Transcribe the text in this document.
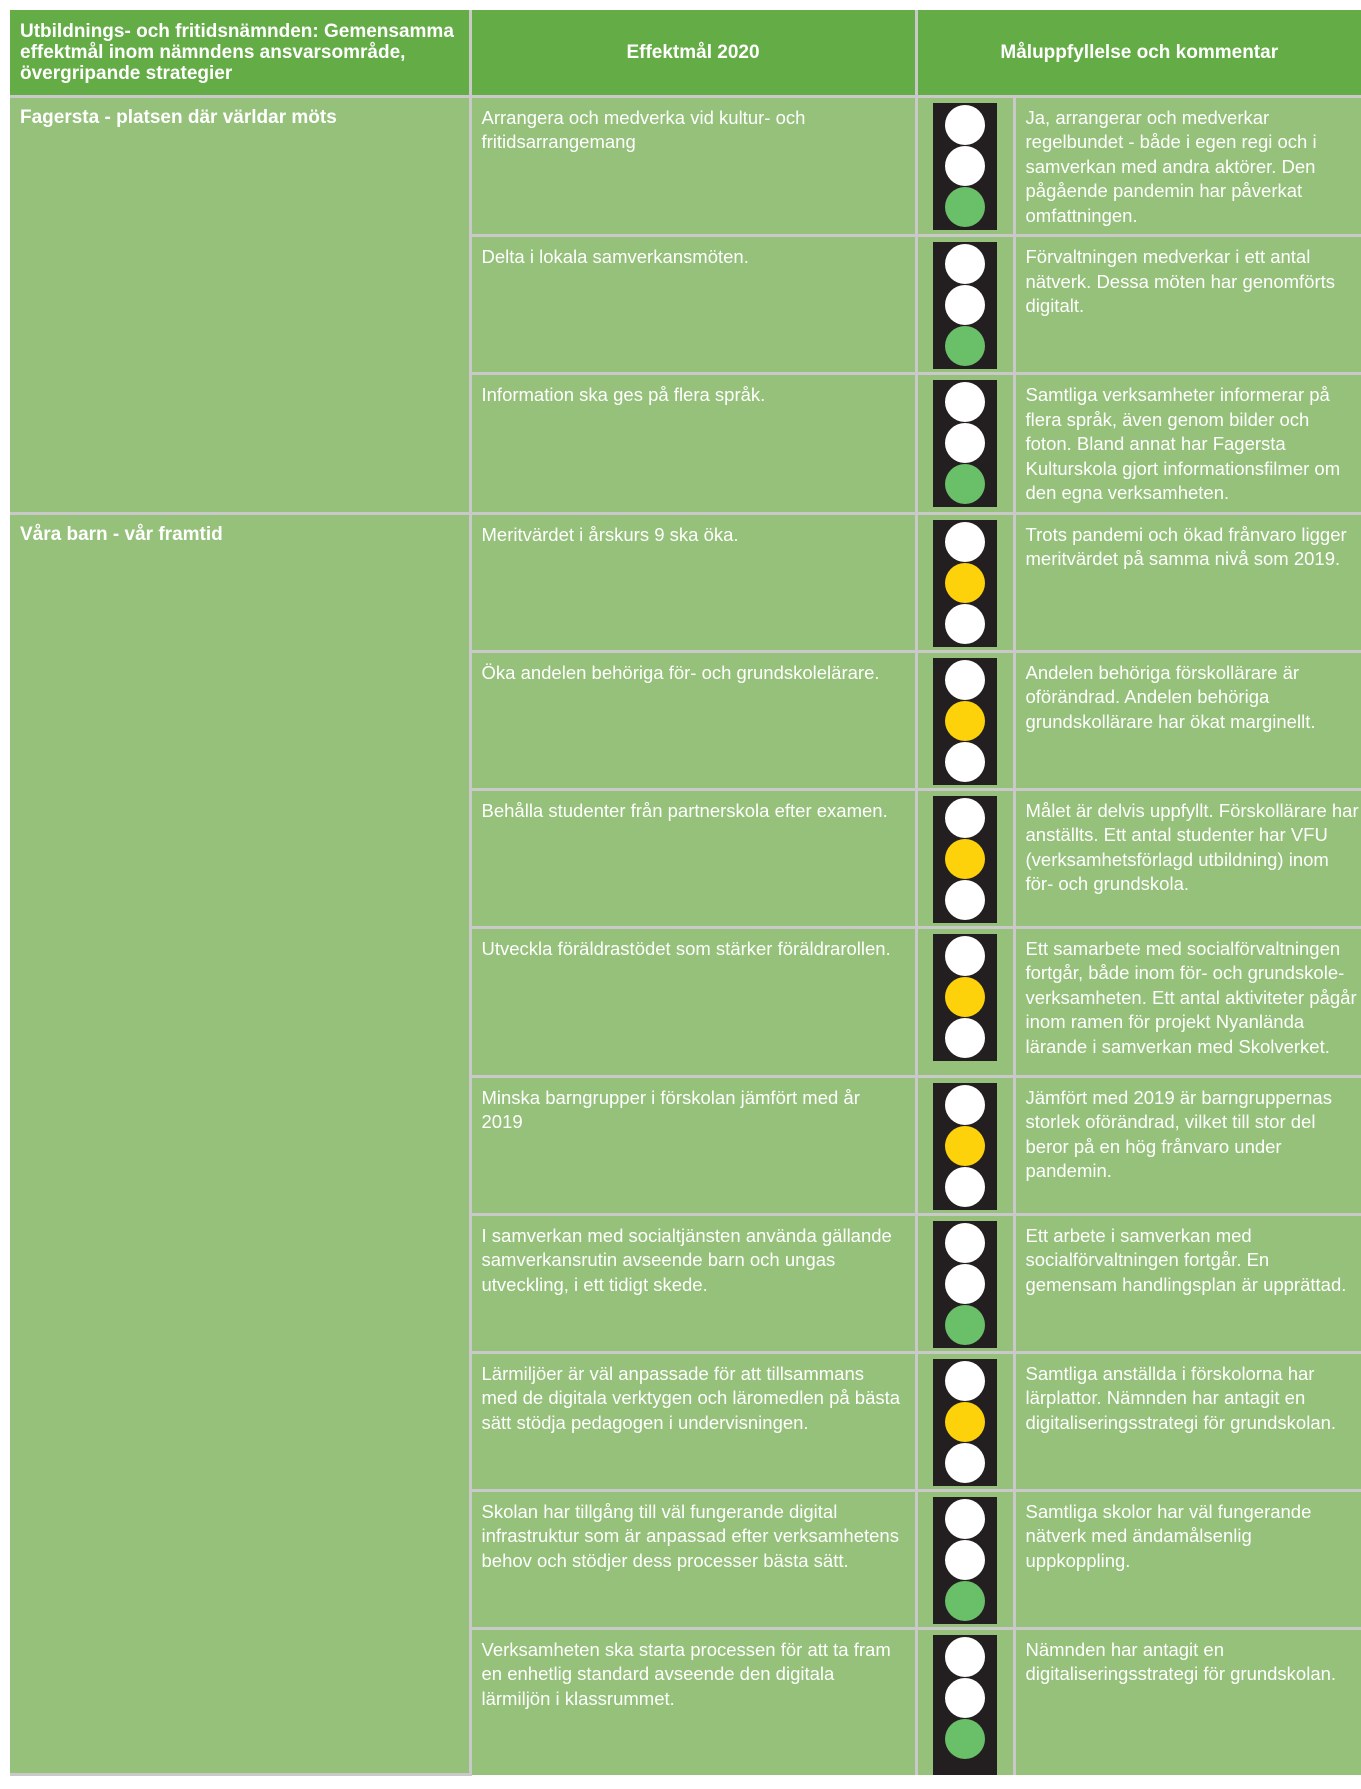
Utbildnings- och fritidsnämnden: Gemensamma effektmål inom nämndens ansvarsområde, övergripande strategier	Effektmål 2020	Måluppfyllelse och kommentar	
Fagersta - platsen där världar möts	Arrangera och medverka vid kultur- och fritidsarrangemang		Ja, arrangerar och medverkar regelbundet - både i egen regi och i samverkan med andra aktörer. Den pågående pandemin har påverkat omfattningen.
	Delta i lokala samverkansmöten.		Förvaltningen medverkar i ett antal nätverk. Dessa möten har genomförts digitalt.
	Information ska ges på flera språk.		Samtliga verksamheter informerar på flera språk, även genom bilder och foton. Bland annat har Fagersta Kulturskola gjort informationsfilmer om den egna verksamheten.
Våra barn - vår framtid	Meritvärdet i årskurs 9 ska öka.		Trots pandemi och ökad frånvaro ligger meritvärdet på samma nivå som 2019.
	Öka andelen behöriga för- och grundskolelärare.		Andelen behöriga förskollärare är oförändrad. Andelen behöriga grundskollärare har ökat marginellt.
	Behålla studenter från partnerskola efter examen.		Målet är delvis uppfyllt. Förskollärare har anställts. Ett antal studenter har VFU (verksamhetsförlagd utbildning) inom för- och grundskola.
	Utveckla föräldrastödet som stärker föräldrarollen.		Ett samarbete med socialförvaltningen fortgår, både inom för- och grundskole-verksamheten. Ett antal aktiviteter pågår inom ramen för projekt Nyanlända lärande i samverkan med Skolverket.
	Minska barngrupper i förskolan jämfört med år 2019		Jämfört med 2019 är barngruppernas storlek oförändrad, vilket till stor del beror på en hög frånvaro under pandemin.
	I samverkan med socialtjänsten använda gällande samverkansrutin avseende barn och ungas utveckling, i ett tidigt skede.		Ett arbete i samverkan med socialförvaltningen fortgår. En gemensam handlingsplan är upprättad.
	Lärmiljöer är väl anpassade för att tillsammans med de digitala verktygen och läromedlen på bästa sätt stödja pedagogen i undervisningen.		Samtliga anställda i förskolorna har lärplattor. Nämnden har antagit en digitaliseringsstrategi för grundskolan.
	Skolan har tillgång till väl fungerande digital infrastruktur som är anpassad efter verksamhetens behov och stödjer dess processer bästa sätt.		Samtliga skolor har väl fungerande nätverk med ändamålsenlig uppkoppling.
	Verksamheten ska starta processen för att ta fram en enhetlig standard avseende den digitala lärmiljön i klassrummet.		Nämnden har antagit en digitaliseringsstrategi för grundskolan.
